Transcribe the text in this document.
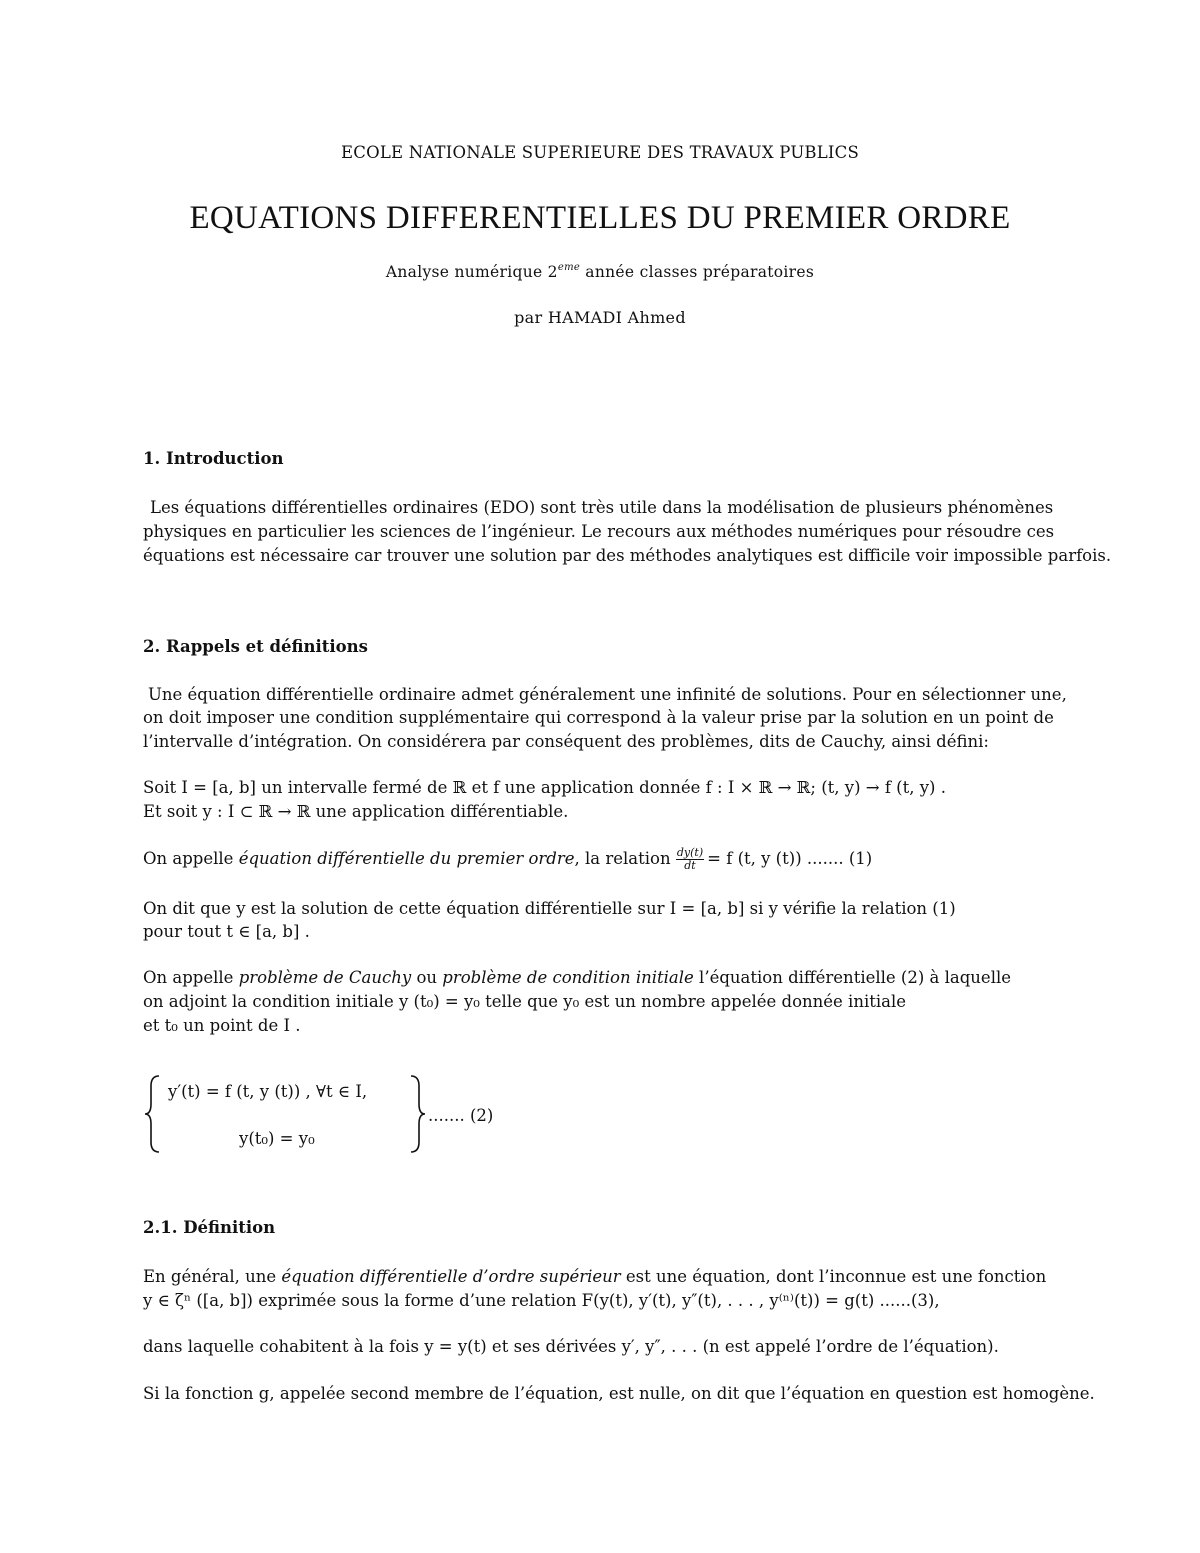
ECOLE NATIONALE SUPERIEURE DES TRAVAUX PUBLICS
EQUATIONS DIFFERENTIELLES DU PREMIER ORDRE
Analyse numérique 2eme année classes préparatoires
par HAMADI Ahmed
1. Introduction
Les équations différentielles ordinaires (EDO) sont très utile dans la modélisation de plusieurs phénomènes
physiques en particulier les sciences de l’ingénieur. Le recours aux méthodes numériques pour résoudre ces
équations est nécessaire car trouver une solution par des méthodes analytiques est difficile voir impossible parfois.
2. Rappels et définitions
Une équation différentielle ordinaire admet généralement une infinité de solutions. Pour en sélectionner une,
on doit imposer une condition supplémentaire qui correspond à la valeur prise par la solution en un point de
l’intervalle d’intégration. On considérera par conséquent des problèmes, dits de Cauchy, ainsi défini:
Soit I = [a, b] un intervalle fermé de ℝ et f une application donnée f : I × ℝ → ℝ; (t, y) → f (t, y) .
Et soit y : I ⊂ ℝ → ℝ une application différentiable.
On appelle équation différentielle du premier ordre, la relation $\frac{dy(t)}{dt} = f$ (t, y (t)) ....... (1)
On dit que y est la solution de cette équation différentielle sur I = [a, b] si y vérifie la relation (1)
pour tout t ∈ [a, b] .
On appelle problème de Cauchy ou problème de condition initiale l’équation différentielle (2) à laquelle
on adjoint la condition initiale y (t₀) = y₀ telle que y₀ est un nombre appelée donnée initiale
et t₀ un point de I .
y′(t) = f (t, y (t)) , ∀t ∈ I,
y(t₀) = y₀
....... (2)
2.1. Définition
En général, une équation différentielle d’ordre supérieur est une équation, dont l’inconnue est une fonction
y ∈ ζⁿ ([a, b]) exprimée sous la forme d’une relation F(y(t), y′(t), y″(t), . . . , y⁽ⁿ⁾(t)) = g(t) ......(3),
dans laquelle cohabitent à la fois y = y(t) et ses dérivées y′, y″, . . . (n est appelé l’ordre de l’équation).
Si la fonction g, appelée second membre de l’équation, est nulle, on dit que l’équation en question est homogène.
